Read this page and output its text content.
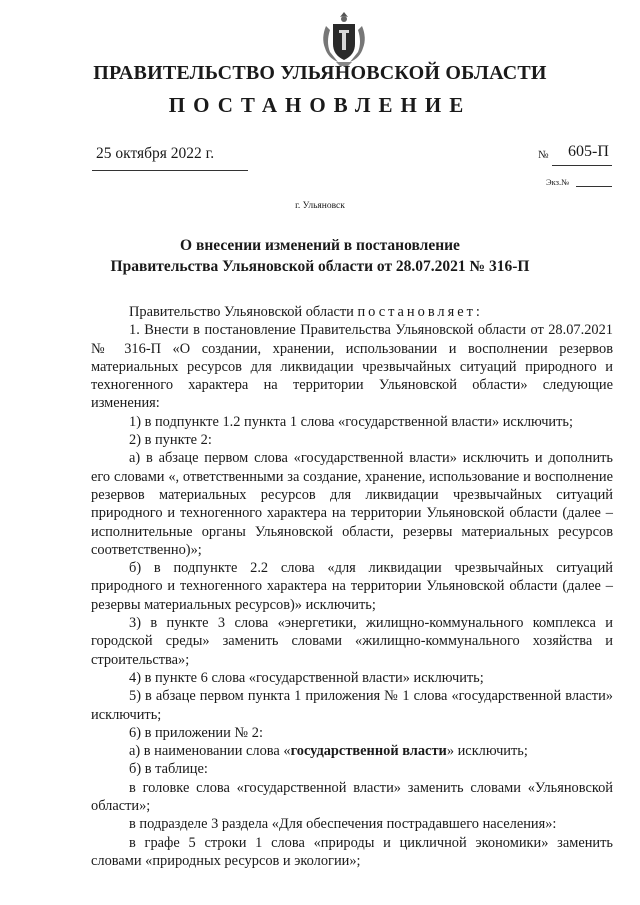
ПРАВИТЕЛЬСТВО УЛЬЯНОВСКОЙ ОБЛАСТИ
ПОСТАНОВЛЕНИЕ
25 октября 2022 г.	№ 605-П
Экз.№
г. Ульяновск
О внесении изменений в постановление
Правительства Ульяновской области от 28.07.2021 № 316-П

Правительство Ульяновской области постановляет:

1. Внести в постановление Правительства Ульяновской области от 28.07.2021 № 316-П «О создании, хранении, использовании и восполнении резервов материальных ресурсов для ликвидации чрезвычайных ситуаций природного и техногенного характера на территории Ульяновской области» следующие изменения:

1) в подпункте 1.2 пункта 1 слова «государственной власти» исключить;

2) в пункте 2:

а) в абзаце первом слова «государственной власти» исключить и дополнить его словами «, ответственными за создание, хранение, использование и восполнение резервов материальных ресурсов для ликвидации чрезвычайных ситуаций природного и техногенного характера на территории Ульяновской области (далее – исполнительные органы Ульяновской области, резервы материальных ресурсов соответственно)»;

б) в подпункте 2.2 слова «для ликвидации чрезвычайных ситуаций природного и техногенного характера на территории Ульяновской области (далее – резервы материальных ресурсов)» исключить;

3) в пункте 3 слова «энергетики, жилищно-коммунального комплекса и городской среды» заменить словами «жилищно-коммунального хозяйства и строительства»;

4) в пункте 6 слова «государственной власти» исключить;

5) в абзаце первом пункта 1 приложения № 1 слова «государственной власти» исключить;

6) в приложении № 2:

а) в наименовании слова «государственной власти» исключить;

б) в таблице:

в головке слова «государственной власти» заменить словами «Ульяновской области»;

в подразделе 3 раздела «Для обеспечения пострадавшего населения»:

в графе 5 строки 1 слова «природы и цикличной экономики» заменить словами «природных ресурсов и экологии»;
